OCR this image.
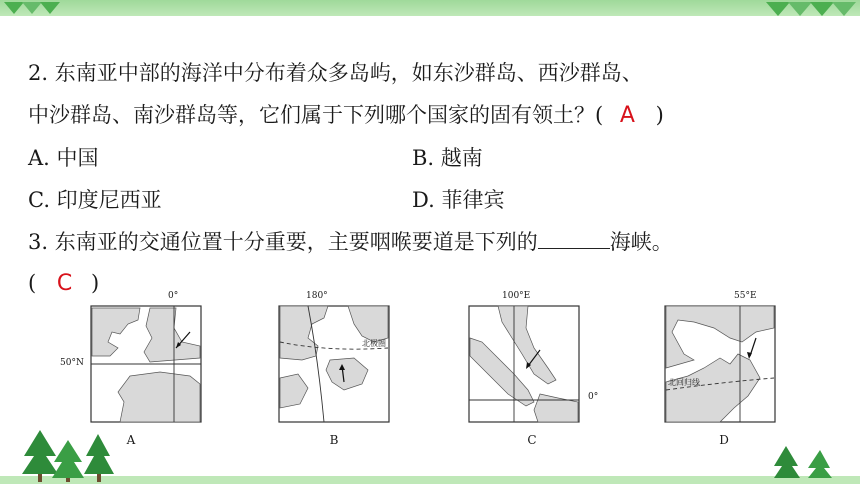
2. 东南亚中部的海洋中分布着众多岛屿，如东沙群岛、西沙群岛、
中沙群岛、南沙群岛等，它们属于下列哪个国家的固有领土？( A )
A. 中国	B. 越南
C. 印度尼西亚	D. 菲律宾
3. 东南亚的交通位置十分重要，主要咽喉要道是下列的	海峡。
( C )
0°
50°N
A
180°
北极圈
B
100°E
0°
C
55°E
北回归线
D
